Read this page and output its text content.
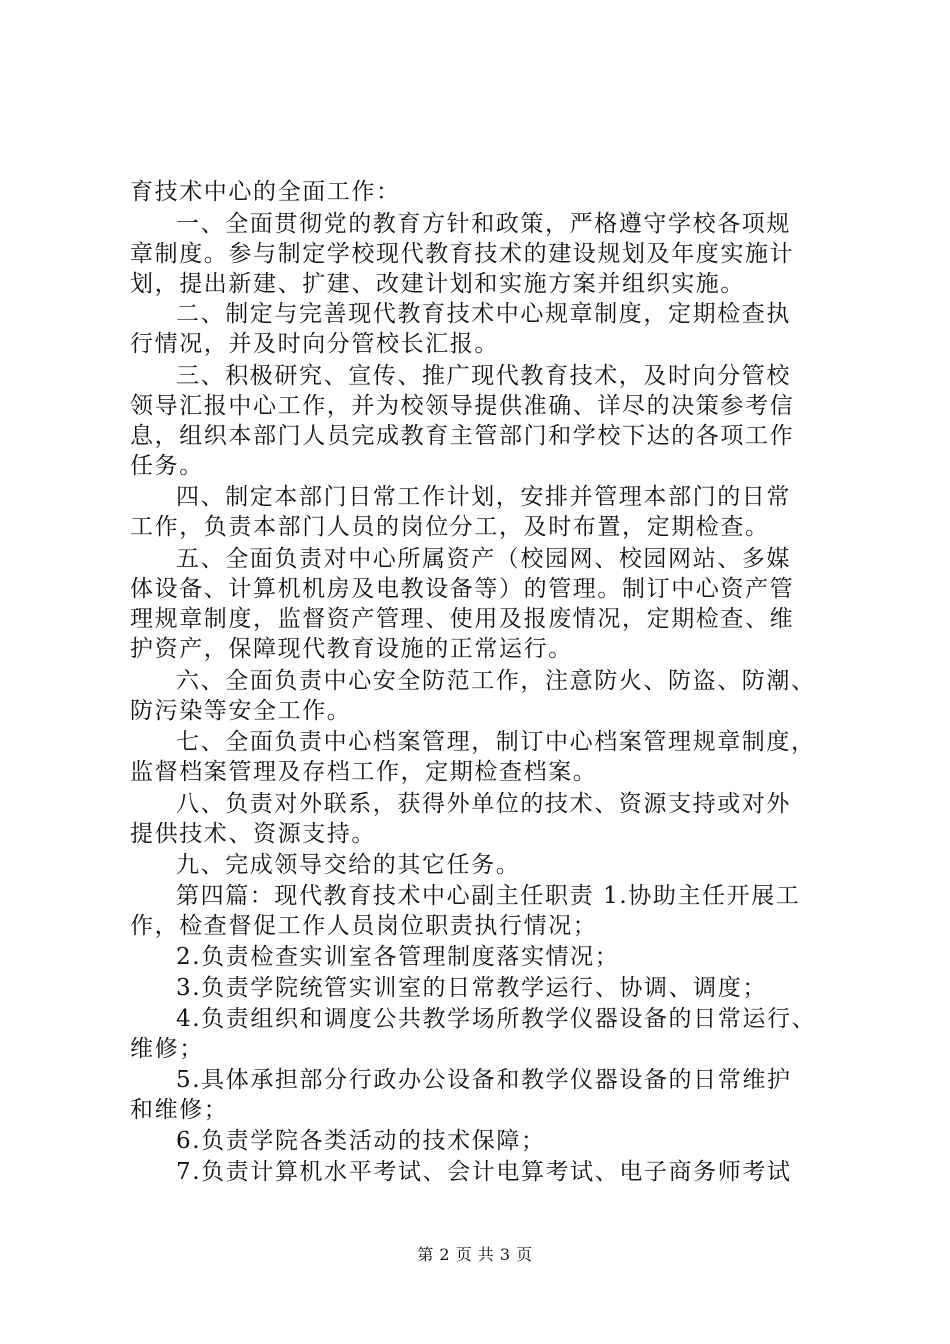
育技术中心的全面工作：
一、全面贯彻党的教育方针和政策，严格遵守学校各项规
章制度。参与制定学校现代教育技术的建设规划及年度实施计
划，提出新建、扩建、改建计划和实施方案并组织实施。
二、制定与完善现代教育技术中心规章制度，定期检查执
行情况，并及时向分管校长汇报。
三、积极研究、宣传、推广现代教育技术，及时向分管校
领导汇报中心工作，并为校领导提供准确、详尽的决策参考信
息，组织本部门人员完成教育主管部门和学校下达的各项工作
任务。
四、制定本部门日常工作计划，安排并管理本部门的日常
工作，负责本部门人员的岗位分工，及时布置，定期检查。
五、全面负责对中心所属资产（校园网、校园网站、多媒
体设备、计算机机房及电教设备等）的管理。制订中心资产管
理规章制度，监督资产管理、使用及报废情况，定期检查、维
护资产，保障现代教育设施的正常运行。
六、全面负责中心安全防范工作，注意防火、防盗、防潮、
防污染等安全工作。
七、全面负责中心档案管理，制订中心档案管理规章制度，
监督档案管理及存档工作，定期检查档案。
八、负责对外联系，获得外单位的技术、资源支持或对外
提供技术、资源支持。
九、完成领导交给的其它任务。
第四篇：现代教育技术中心副主任职责 1.协助主任开展工
作，检查督促工作人员岗位职责执行情况；
2.负责检查实训室各管理制度落实情况；
3.负责学院统管实训室的日常教学运行、协调、调度；
4.负责组织和调度公共教学场所教学仪器设备的日常运行、
维修；
5.具体承担部分行政办公设备和教学仪器设备的日常维护
和维修；
6.负责学院各类活动的技术保障；
7.负责计算机水平考试、会计电算考试、电子商务师考试
第 2 页 共 3 页
